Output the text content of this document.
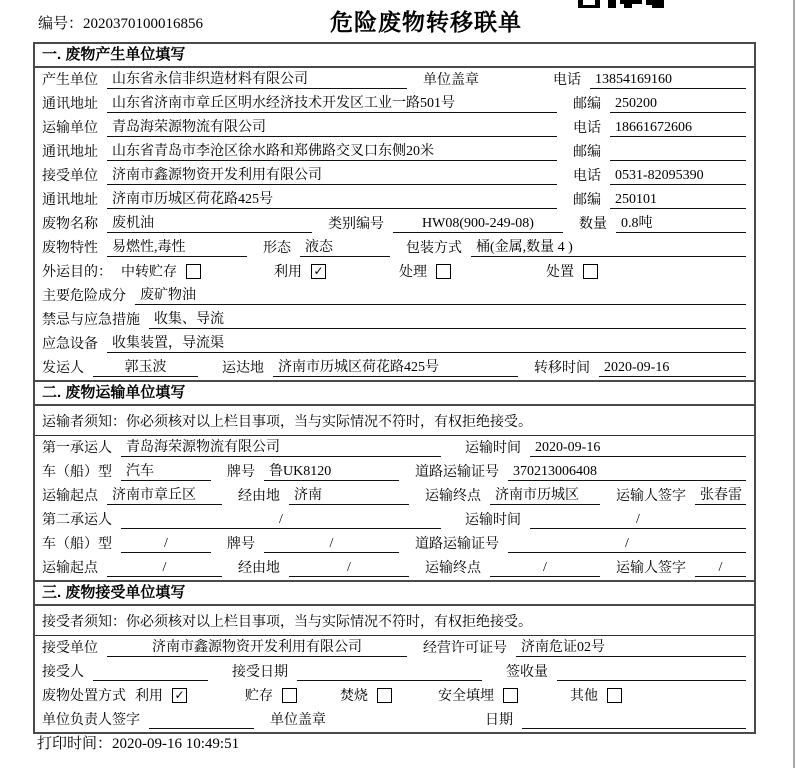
编号：2020370100016856	危险废物转移联单
一. 废物产生单位填写
产生单位	山东省永信非织造材料有限公司	单位盖章	电话	13854169160
通讯地址	山东省济南市章丘区明水经济技术开发区工业一路501号	邮编	250200
运输单位	青岛海荣源物流有限公司	电话	18661672606
通讯地址	山东省青岛市李沧区徐水路和郑佛路交叉口东侧20米	邮编
接受单位	济南市鑫源物资开发利用有限公司	电话	0531-82095390
通讯地址	济南市历城区荷花路425号	邮编	250101
废物名称	废机油	类别编号	HW08(900-249-08)	数量	0.8吨
废物特性	易燃性,毒性	形态	液态	包装方式	桶(金属,数量 4 )
外运目的： 中转贮存	利用 ✓	处理	处置
主要危险成分	废矿物油
禁忌与应急措施	收集、导流
应急设备	收集装置，导流渠
发运人	郭玉波	运达地	济南市历城区荷花路425号	转移时间	2020-09-16
二. 废物运输单位填写
运输者须知：你必须核对以上栏目事项，当与实际情况不符时，有权拒绝接受。
第一承运人	青岛海荣源物流有限公司	运输时间	2020-09-16
车（船）型	汽车	牌号	鲁UK8120	道路运输证号	370213006408
运输起点	济南市章丘区	经由地	济南	运输终点	济南市历城区	运输人签字	张春雷
第二承运人	/	运输时间	/
车（船）型	/	牌号	/	道路运输证号	/
运输起点	/	经由地	/	运输终点	/	运输人签字	/
三. 废物接受单位填写
接受者须知：你必须核对以上栏目事项，当与实际情况不符时，有权拒绝接受。
接受单位	济南市鑫源物资开发利用有限公司	经营许可证号	济南危证02号
接受人	接受日期	签收量
废物处置方式 利用 ✓	贮存	焚烧	安全填埋	其他
单位负责人签字	单位盖章	日期
打印时间：2020-09-16 10:49:51
